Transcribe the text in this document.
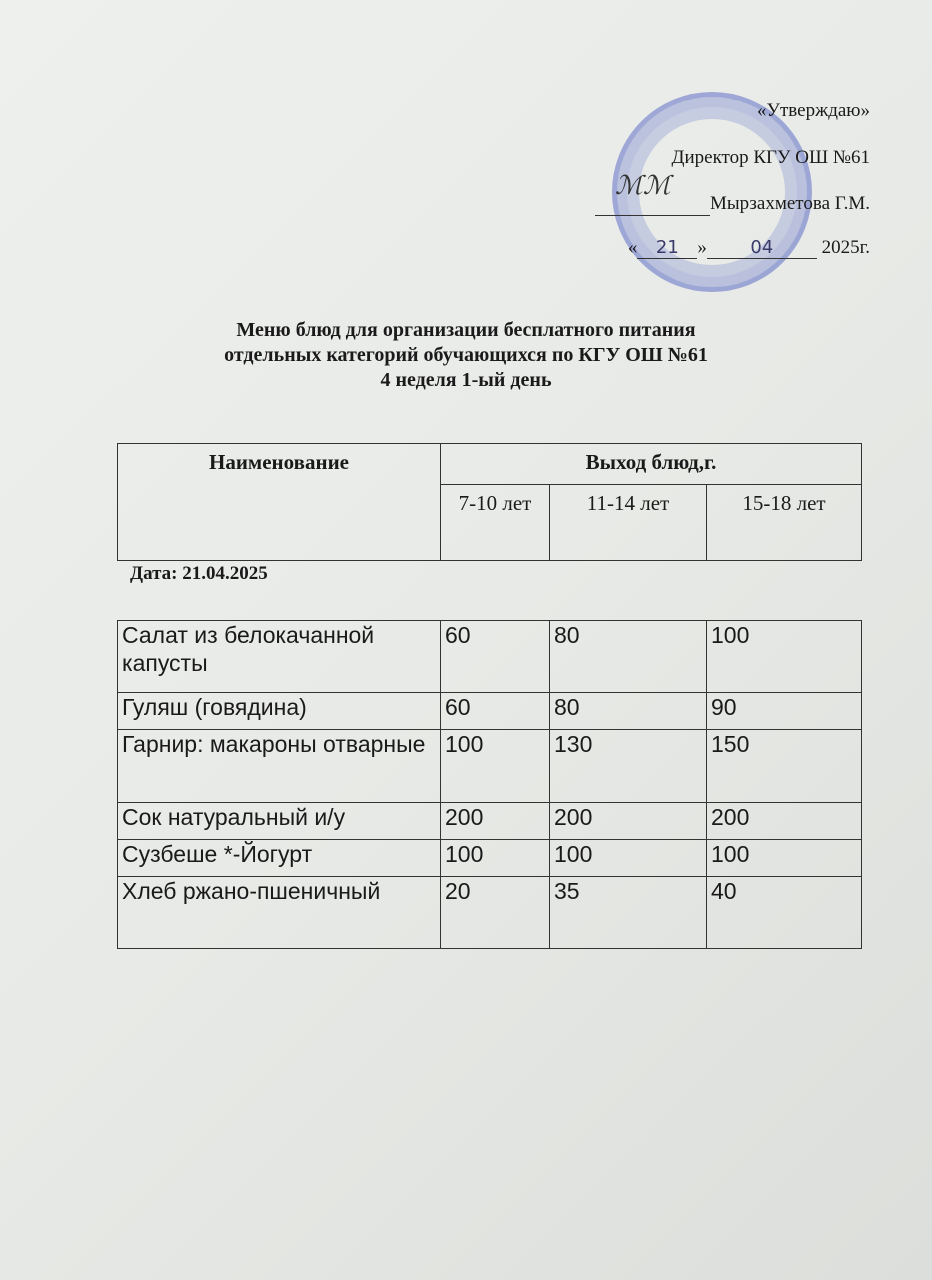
«Утверждаю»
Директор КГУ ОШ №61
ℳℳ
Мырзахметова Г.М.
« 21 » 04	2025г.
Меню блюд для организации бесплатного питания
отдельных категорий обучающихся по КГУ ОШ №61
4 неделя 1-ый день
Наименование	Выход блюд,г.		
	7-10 лет	11-14 лет	15-18 лет
Дата: 21.04.2025
Салат из белокачанной капусты	60	80	100
Гуляш (говядина)	60	80	90
Гарнир: макароны отварные	100	130	150
Сок натуральный и/у	200	200	200
Сузбеше *-Йогурт	100	100	100
Хлеб ржано-пшеничный	20	35	40
